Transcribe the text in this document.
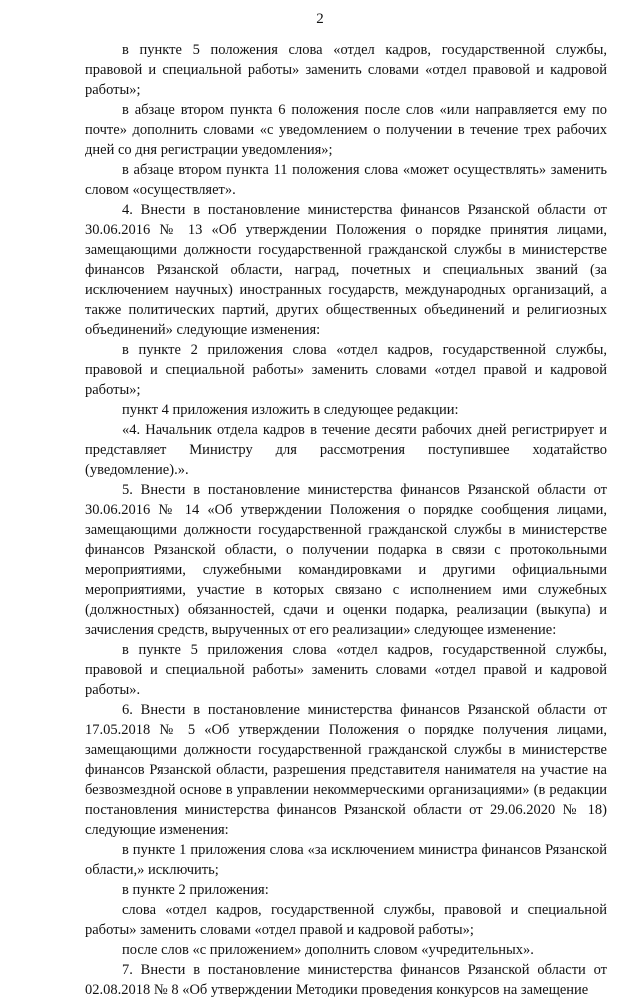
2

в пункте 5 положения слова «отдел кадров, государственной службы, правовой и специальной работы» заменить словами «отдел правовой и кадровой работы»;

в абзаце втором пункта 6 положения после слов «или направляется ему по почте» дополнить словами «с уведомлением о получении в течение трех рабочих дней со дня регистрации уведомления»;

в абзаце втором пункта 11 положения слова «может осуществлять» заменить словом «осуществляет».

4. Внести в постановление министерства финансов Рязанской области от 30.06.2016 № 13 «Об утверждении Положения о порядке принятия лицами, замещающими должности государственной гражданской службы в министерстве финансов Рязанской области, наград, почетных и специальных званий (за исключением научных) иностранных государств, международных организаций, а также политических партий, других общественных объединений и религиозных объединений» следующие изменения:

в пункте 2 приложения слова «отдел кадров, государственной службы, правовой и специальной работы» заменить словами «отдел правой и кадровой работы»;

пункт 4 приложения изложить в следующее редакции:

«4. Начальник отдела кадров в течение десяти рабочих дней регистрирует и представляет Министру для рассмотрения поступившее ходатайство (уведомление).».

5. Внести в постановление министерства финансов Рязанской области от 30.06.2016 № 14 «Об утверждении Положения о порядке сообщения лицами, замещающими должности государственной гражданской службы в министерстве финансов Рязанской области, о получении подарка в связи с протокольными мероприятиями, служебными командировками и другими официальными мероприятиями, участие в которых связано с исполнением ими служебных (должностных) обязанностей, сдачи и оценки подарка, реализации (выкупа) и зачисления средств, вырученных от его реализации» следующее изменение:

в пункте 5 приложения слова «отдел кадров, государственной службы, правовой и специальной работы» заменить словами «отдел правой и кадровой работы».

6. Внести в постановление министерства финансов Рязанской области от 17.05.2018 № 5 «Об утверждении Положения о порядке получения лицами, замещающими должности государственной гражданской службы в министерстве финансов Рязанской области, разрешения представителя нанимателя на участие на безвозмездной основе в управлении некоммерческими организациями» (в редакции постановления министерства финансов Рязанской области от 29.06.2020 № 18) следующие изменения:

в пункте 1 приложения слова «за исключением министра финансов Рязанской области,» исключить;

в пункте 2 приложения:

слова «отдел кадров, государственной службы, правовой и специальной работы» заменить словами «отдел правой и кадровой работы»;

после слов «с приложением» дополнить словом «учредительных».

7. Внести в постановление министерства финансов Рязанской области от 02.08.2018 № 8 «Об утверждении Методики проведения конкурсов на замещение
